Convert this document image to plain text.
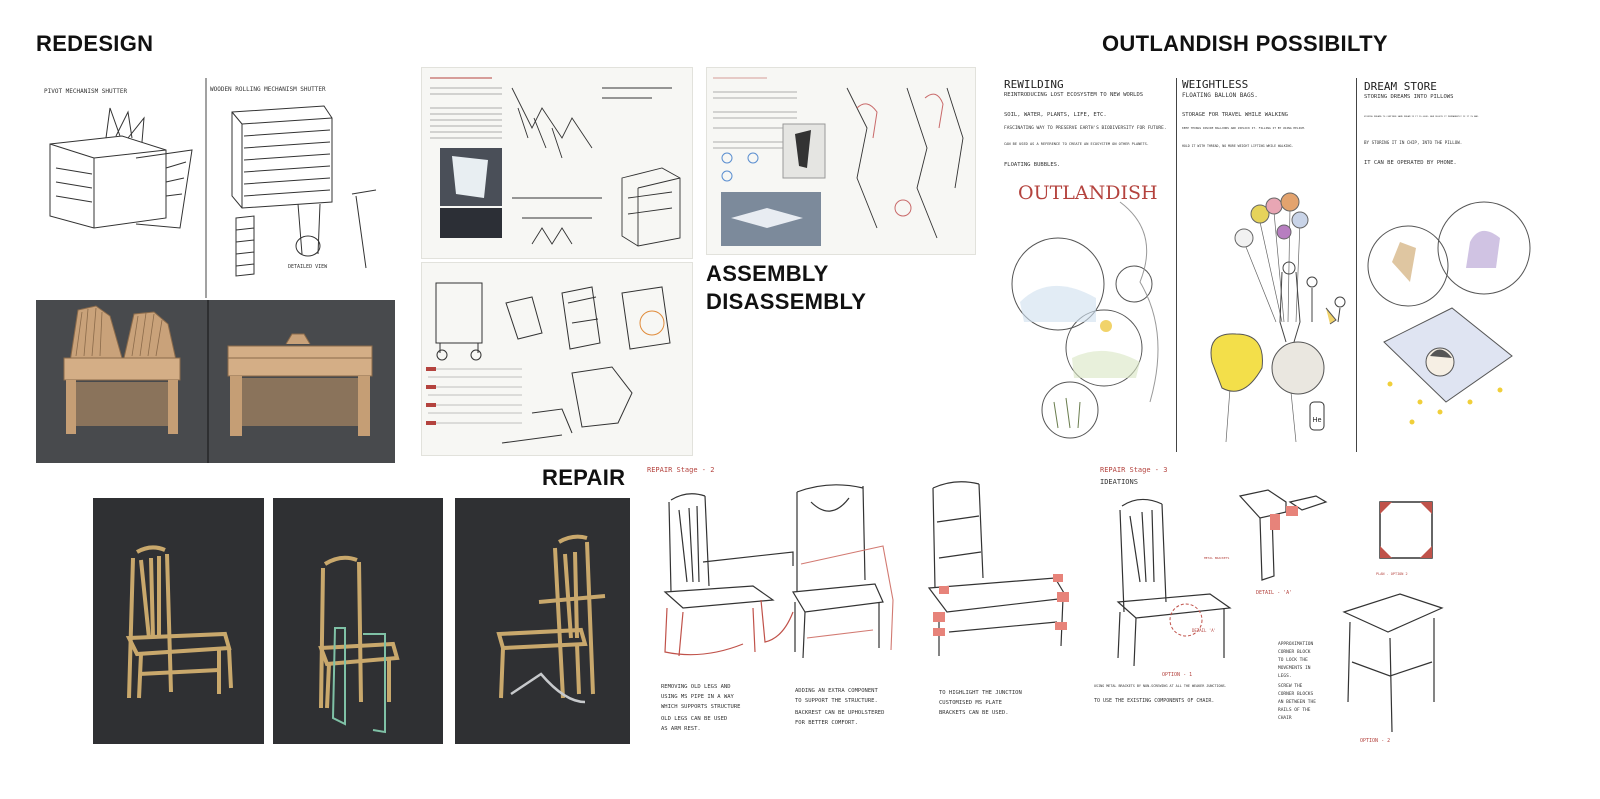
REDESIGN	OUTLANDISH POSSIBILTY
ASSEMBLY
DISASSEMBLY
REPAIR
PIVOT MECHANISM SHUTTER	WOODEN ROLLING MECHANISM SHUTTER
DETAILED VIEW
REWILDING
REINTRODUCING LOST ECOSYSTEM TO NEW WORLDS
SOIL, WATER, PLANTS, LIFE, ETC.
FASCINATING WAY TO PRESERVE EARTH'S BIODIVERSITY FOR FUTURE.
CAN BE USED AS A REFERENCE TO CREATE AN ECOSYSTEM ON OTHER PLANETS.
FLOATING BUBBLES.
OUTLANDISH
WEIGHTLESS
FLOATING BALLON BAGS.
STORAGE FOR TRAVEL WHILE WALKING
KEEP THINGS INSIDE BALLOONS AND ZIPLOCK IT. FILLING IT BY USING HELIUM.
HOLD IT WITH THREAD, NO MORE WEIGHT LIFTING WHILE WALKING.
DREAM STORE
STORING DREAMS INTO PILLOWS
STORING DREAMS TO CONTINUE SAME DREAM IF IT IS GOOD, AND DELETE IT PERMANENTLY IF IT IS BAD.
BY STORING IT IN CHIP, INTO THE PILLOW.
IT CAN BE OPERATED BY PHONE.
He
REPAIR Stage - 2
REMOVING OLD LEGS AND
USING MS PIPE IN A WAY
WHICH SUPPORTS STRUCTURE
OLD LEGS CAN BE USED
AS ARM REST.
ADDING AN EXTRA COMPONENT
TO SUPPORT THE STRUCTURE.
BACKREST CAN BE UPHOLSTERED
FOR BETTER COMFORT.
TO HIGHLIGHT THE JUNCTION
CUSTOMISED MS PLATE
BRACKETS CAN BE USED.
REPAIR Stage - 3
IDEATIONS
METAL BRACKETS
DETAIL 'A'
OPTION - 1
OPTION - 2
DETAIL - 'A'
PLAN - OPTION 2
USING METAL BRACKETS BY NON-SCREWING AT ALL THE WEAKER JUNCTIONS.
TO USE THE EXISTING COMPONENTS OF CHAIR.
APPROXIMATION
CORNER BLOCK
TO LOCK THE
MOVEMENTS IN
LEGS.
SCREW THE
CORNER BLOCKS
AN BETWEEN THE
RAILS OF THE
CHAIR
